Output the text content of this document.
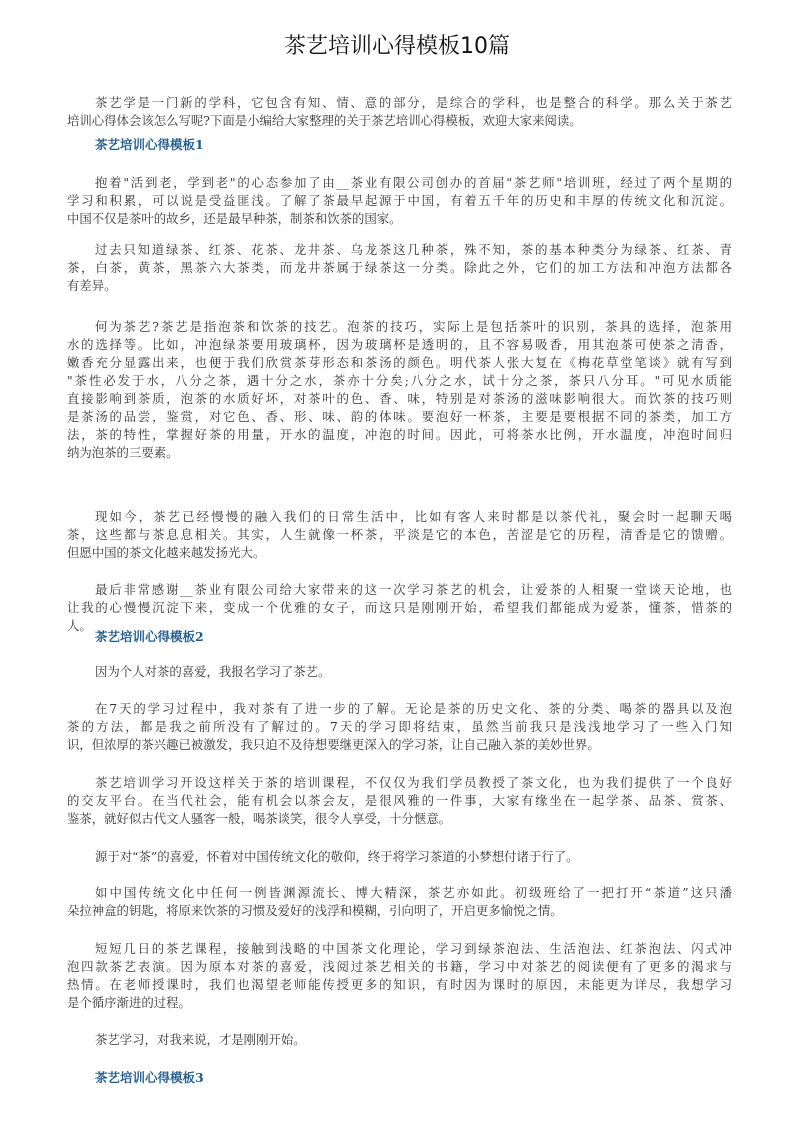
茶艺培训心得模板10篇
茶艺学是一门新的学科，它包含有知、情、意的部分，是综合的学科，也是整合的科学。那么关于茶艺
培训心得体会该怎么写呢?下面是小编给大家整理的关于茶艺培训心得模板，欢迎大家来阅读。
茶艺培训心得模板1
抱着"活到老，学到老"的心态参加了由__茶业有限公司创办的首届"茶艺师"培训班，经过了两个星期的
学习和积累，可以说是受益匪浅。了解了茶最早起源于中国，有着五千年的历史和丰厚的传统文化和沉淀。
中国不仅是茶叶的故乡，还是最早种茶，制茶和饮茶的国家。
过去只知道绿茶、红茶、花茶、龙井茶、乌龙茶这几种茶，殊不知，茶的基本种类分为绿茶、红茶、青
茶，白茶，黄茶，黑茶六大茶类，而龙井茶属于绿茶这一分类。除此之外，它们的加工方法和冲泡方法都各
有差异。
何为茶艺?茶艺是指泡茶和饮茶的技艺。泡茶的技巧，实际上是包括茶叶的识别，茶具的选择，泡茶用
水的选择等。比如，冲泡绿茶要用玻璃杯，因为玻璃杯是透明的，且不容易吸香，用其泡茶可使茶之清香，
嫩香充分显露出来，也便于我们欣赏茶芽形态和茶汤的颜色。明代茶人张大复在《梅花草堂笔谈》就有写到
"茶性必发于水，八分之茶，遇十分之水，茶亦十分矣;八分之水，试十分之茶，茶只八分耳。"可见水质能
直接影响到茶质，泡茶的水质好坏，对茶叶的色、香、味，特别是对茶汤的滋味影响很大。而饮茶的技巧则
是茶汤的品尝，鉴赏，对它色、香、形、味、韵的体味。要泡好一杯茶，主要是要根据不同的茶类，加工方
法，茶的特性，掌握好茶的用量，开水的温度，冲泡的时间。因此，可将茶水比例，开水温度，冲泡时间归
纳为泡茶的三要素。
现如今，茶艺已经慢慢的融入我们的日常生活中，比如有客人来时都是以茶代礼，聚会时一起聊天喝
茶，这些都与茶息息相关。其实，人生就像一杯茶，平淡是它的本色，苦涩是它的历程，清香是它的馈赠。
但愿中国的茶文化越来越发扬光大。
最后非常感谢__茶业有限公司给大家带来的这一次学习茶艺的机会，让爱茶的人相聚一堂谈天论地，也
让我的心慢慢沉淀下来，变成一个优雅的女子，而这只是刚刚开始，希望我们都能成为爱茶，懂茶，惜茶的
人。
茶艺培训心得模板2
因为个人对茶的喜爱，我报名学习了茶艺。
在7天的学习过程中，我对茶有了进一步的了解。无论是茶的历史文化、茶的分类、喝茶的器具以及泡
茶的方法，都是我之前所没有了解过的。7天的学习即将结束，虽然当前我只是浅浅地学习了一些入门知
识，但浓厚的茶兴趣已被激发，我只迫不及待想要继更深入的学习茶，让自己融入茶的美妙世界。
茶艺培训学习开设这样关于茶的培训课程，不仅仅为我们学员教授了茶文化，也为我们提供了一个良好
的交友平台。在当代社会，能有机会以茶会友，是很风雅的一件事，大家有缘坐在一起学茶、品茶、赏茶、
鉴茶，就好似古代文人骚客一般，喝茶谈笑，很令人享受，十分惬意。
源于对“茶”的喜爱，怀着对中国传统文化的敬仰，终于将学习茶道的小梦想付诸于行了。
如中国传统文化中任何一例皆渊源流长、博大精深，茶艺亦如此。初级班给了一把打开“茶道”这只潘
朵拉神盒的钥匙，将原来饮茶的习惯及爱好的浅浮和模糊，引向明了，开启更多愉悦之情。
短短几日的茶艺课程，接触到浅略的中国茶文化理论，学习到绿茶泡法、生活泡法、红茶泡法、闪式冲
泡四款茶艺表演。因为原本对茶的喜爱，浅阅过茶艺相关的书籍，学习中对茶艺的阅读便有了更多的渴求与
热情。在老师授课时，我们也渴望老师能传授更多的知识，有时因为课时的原因，未能更为详尽，我想学习
是个循序渐进的过程。
茶艺学习，对我来说，才是刚刚开始。
茶艺培训心得模板3
